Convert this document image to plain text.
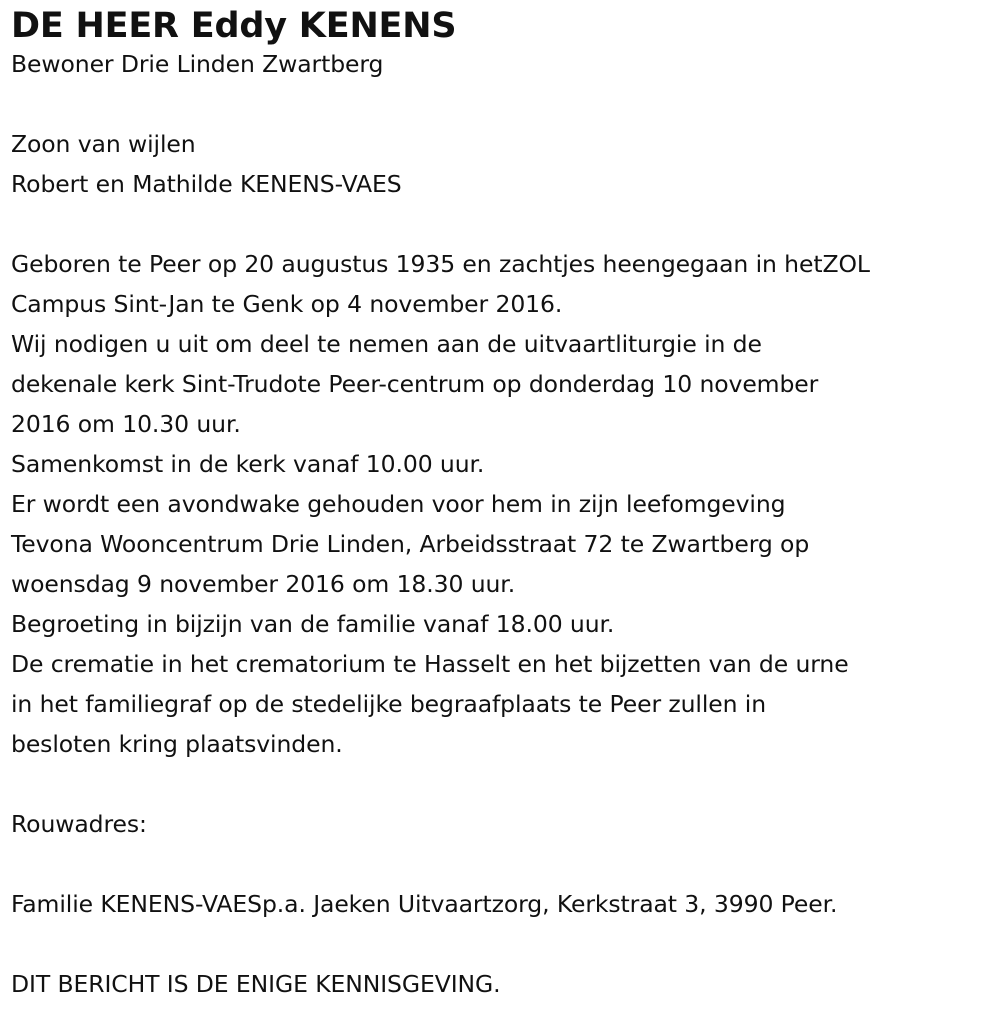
DE HEER Eddy KENENS
Bewoner Drie Linden Zwartberg
Zoon van wijlen
Robert en Mathilde KENENS-VAES
Geboren te Peer op 20 augustus 1935 en zachtjes heengegaan in hetZOL
Campus Sint-Jan te Genk op 4 november 2016.
Wij nodigen u uit om deel te nemen aan de uitvaartliturgie in de
dekenale kerk Sint-Trudote Peer-centrum op donderdag 10 november
2016 om 10.30 uur.
Samenkomst in de kerk vanaf 10.00 uur.
Er wordt een avondwake gehouden voor hem in zijn leefomgeving
Tevona Wooncentrum Drie Linden, Arbeidsstraat 72 te Zwartberg op
woensdag 9 november 2016 om 18.30 uur.
Begroeting in bijzijn van de familie vanaf 18.00 uur.
De crematie in het crematorium te Hasselt en het bijzetten van de urne
in het familiegraf op de stedelijke begraafplaats te Peer zullen in
besloten kring plaatsvinden.
Rouwadres:
Familie KENENS-VAESp.a. Jaeken Uitvaartzorg, Kerkstraat 3, 3990 Peer.
DIT BERICHT IS DE ENIGE KENNISGEVING.
